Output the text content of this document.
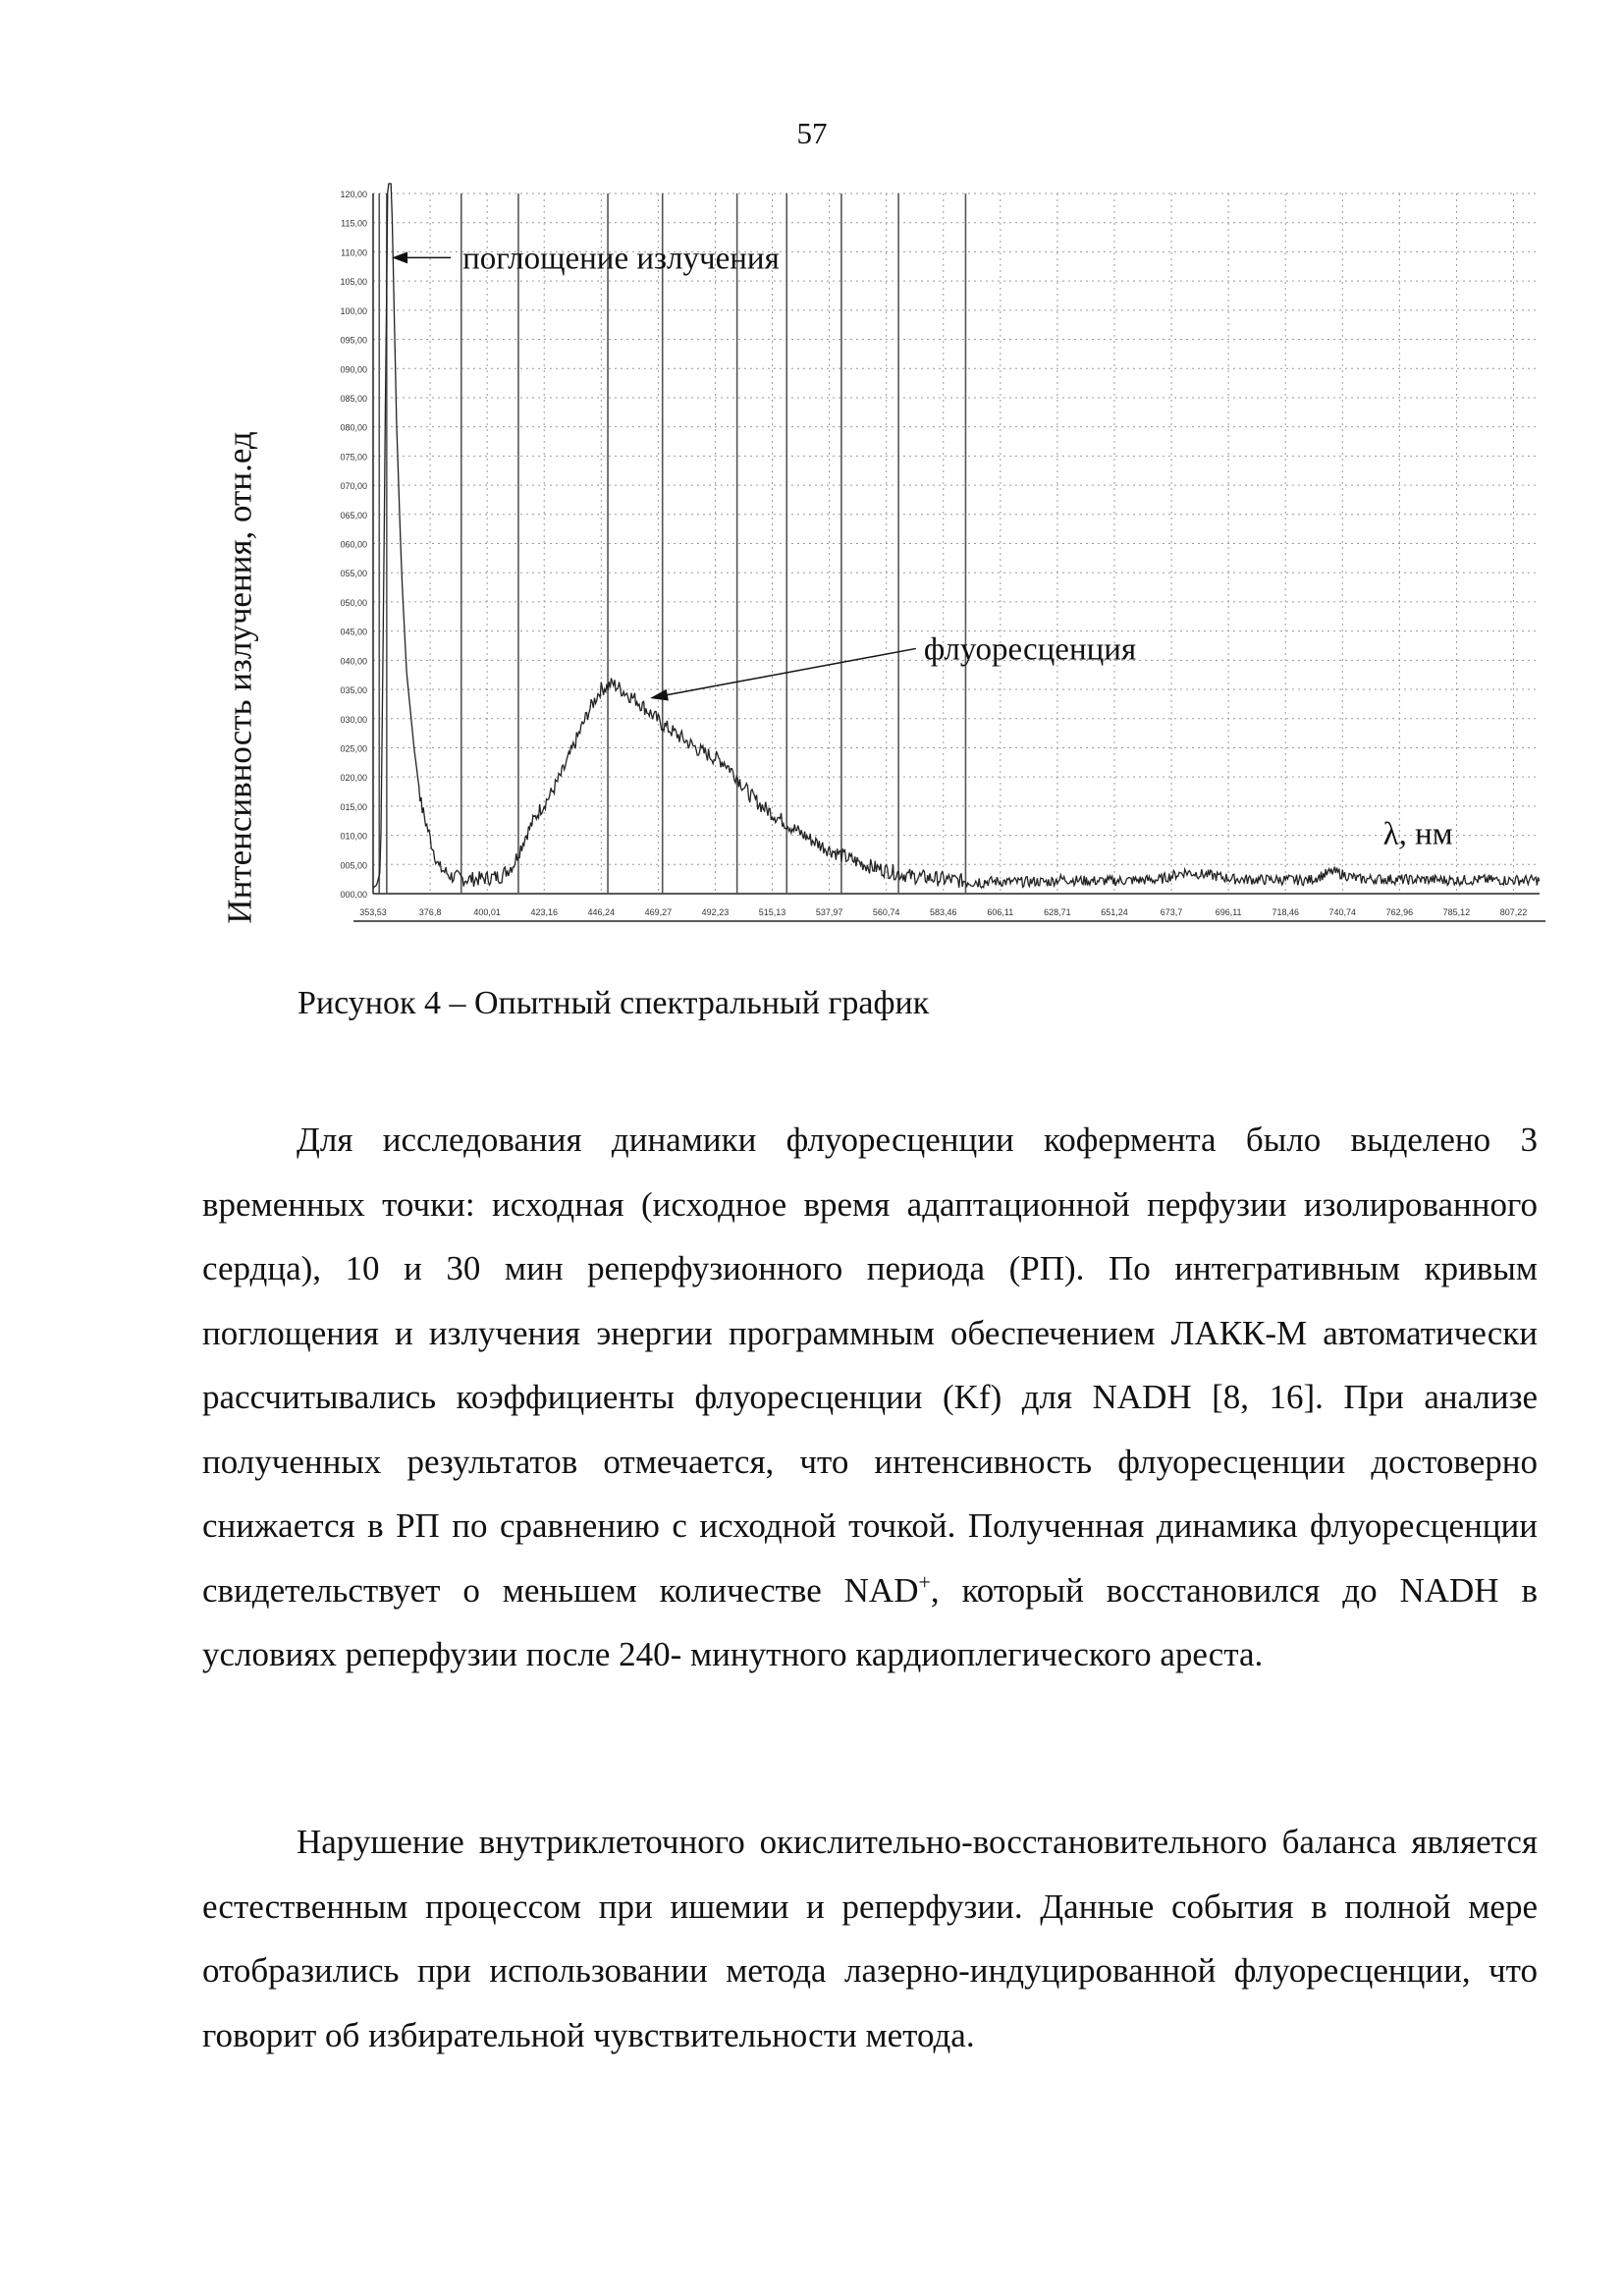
57
Интенсивность излучения, отн.ед	000,00
005,00
010,00
015,00
020,00
025,00
030,00
035,00
040,00
045,00
050,00
055,00
060,00
065,00
070,00
075,00
080,00
085,00
090,00
095,00
100,00
105,00
110,00
115,00
120,00
353,53	376,8	400,01	423,16	446,24	469,27	492,23	515,13	537,97	560,74	583,46	606,11	628,71	651,24	673,7	696,11	718,46	740,74	762,96	785,12	807,22
поглощение излучения
флуоресценция
λ, нм
Рисунок 4 – Опытный спектральный график

Для исследования динамики флуоресценции кофермента было выделено 3 временных точки: исходная (исходное время адаптационной перфузии изолированного сердца), 10 и 30 мин реперфузионного периода (РП). По интегративным кривым поглощения и излучения энергии программным обеспечением ЛАКК-М автоматически рассчитывались коэффициенты флуоресценции (Kf) для NADH [8, 16]. При анализе полученных результатов отмечается, что интенсивность флуоресценции достоверно снижается в РП по сравнению с исходной точкой. Полученная динамика флуоресценции свидетельствует о меньшем количестве NAD+, который восстановился до NADH в условиях реперфузии после 240- минутного кардиоплегического ареста.

Нарушение внутриклеточного окислительно-восстановительного баланса является естественным процессом при ишемии и реперфузии. Данные события в полной мере отобразились при использовании метода лазерно-индуцированной флуоресценции, что говорит об избирательной чувствительности метода.
